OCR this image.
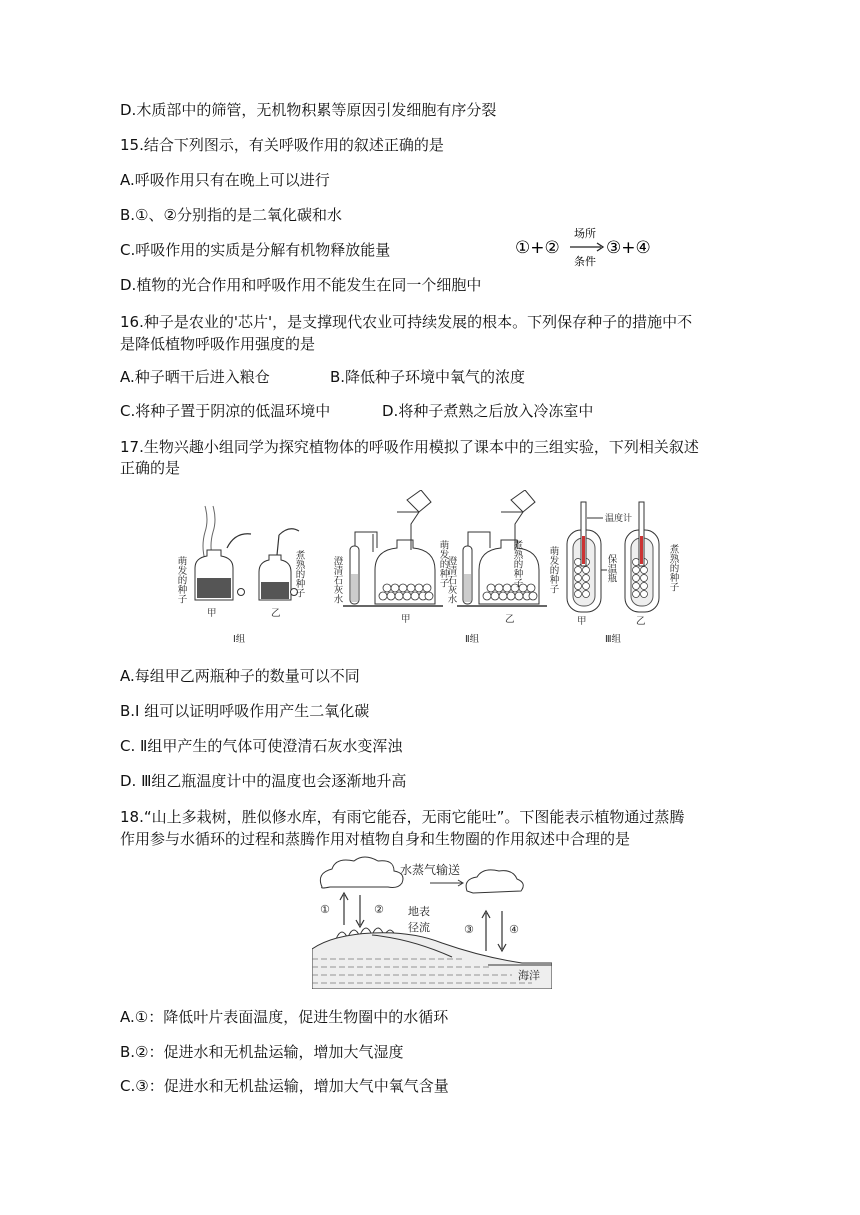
D.木质部中的筛管，无机物积累等原因引发细胞有序分裂
15.结合下列图示，有关呼吸作用的叙述正确的是
A.呼吸作用只有在晚上可以进行
B.①、②分别指的是二氧化碳和水
C.呼吸作用的实质是分解有机物释放能量
D.植物的光合作用和呼吸作用不能发生在同一个细胞中
①+②
场所
条件
③+④
16.种子是农业的'芯片'，是支撑现代农业可持续发展的根本。下列保存种子的措施中不
是降低植物呼吸作用强度的是
A.种子晒干后进入粮仓	B.降低种子环境中氧气的浓度
C.将种子置于阴凉的低温环境中	D.将种子煮熟之后放入冷冻室中
17.生物兴趣小组同学为探究植物体的呼吸作用模拟了课本中的三组实验，下列相关叙述
正确的是
萌发的种子	煮熟的种子
甲	乙
Ⅰ组
澄清石灰水	萌发的种子
甲
澄清石灰水	煮熟的种子
乙
Ⅱ组
温度计
保温瓶
萌发的种子	煮熟的种子
甲	乙
Ⅲ组
A.每组甲乙两瓶种子的数量可以不同
B.I 组可以证明呼吸作用产生二氧化碳
C. Ⅱ组甲产生的气体可使澄清石灰水变浑浊
D. Ⅲ组乙瓶温度计中的温度也会逐渐地升高
18.“山上多栽树，胜似修水库，有雨它能吞，无雨它能吐”。下图能表示植物通过蒸腾
作用参与水循环的过程和蒸腾作用对植物自身和生物圈的作用叙述中合理的是
水蒸气输送
①	②
③	④
地表
径流
海洋
A.①：降低叶片表面温度，促进生物圈中的水循环
B.②：促进水和无机盐运输，增加大气湿度
C.③：促进水和无机盐运输，增加大气中氧气含量
